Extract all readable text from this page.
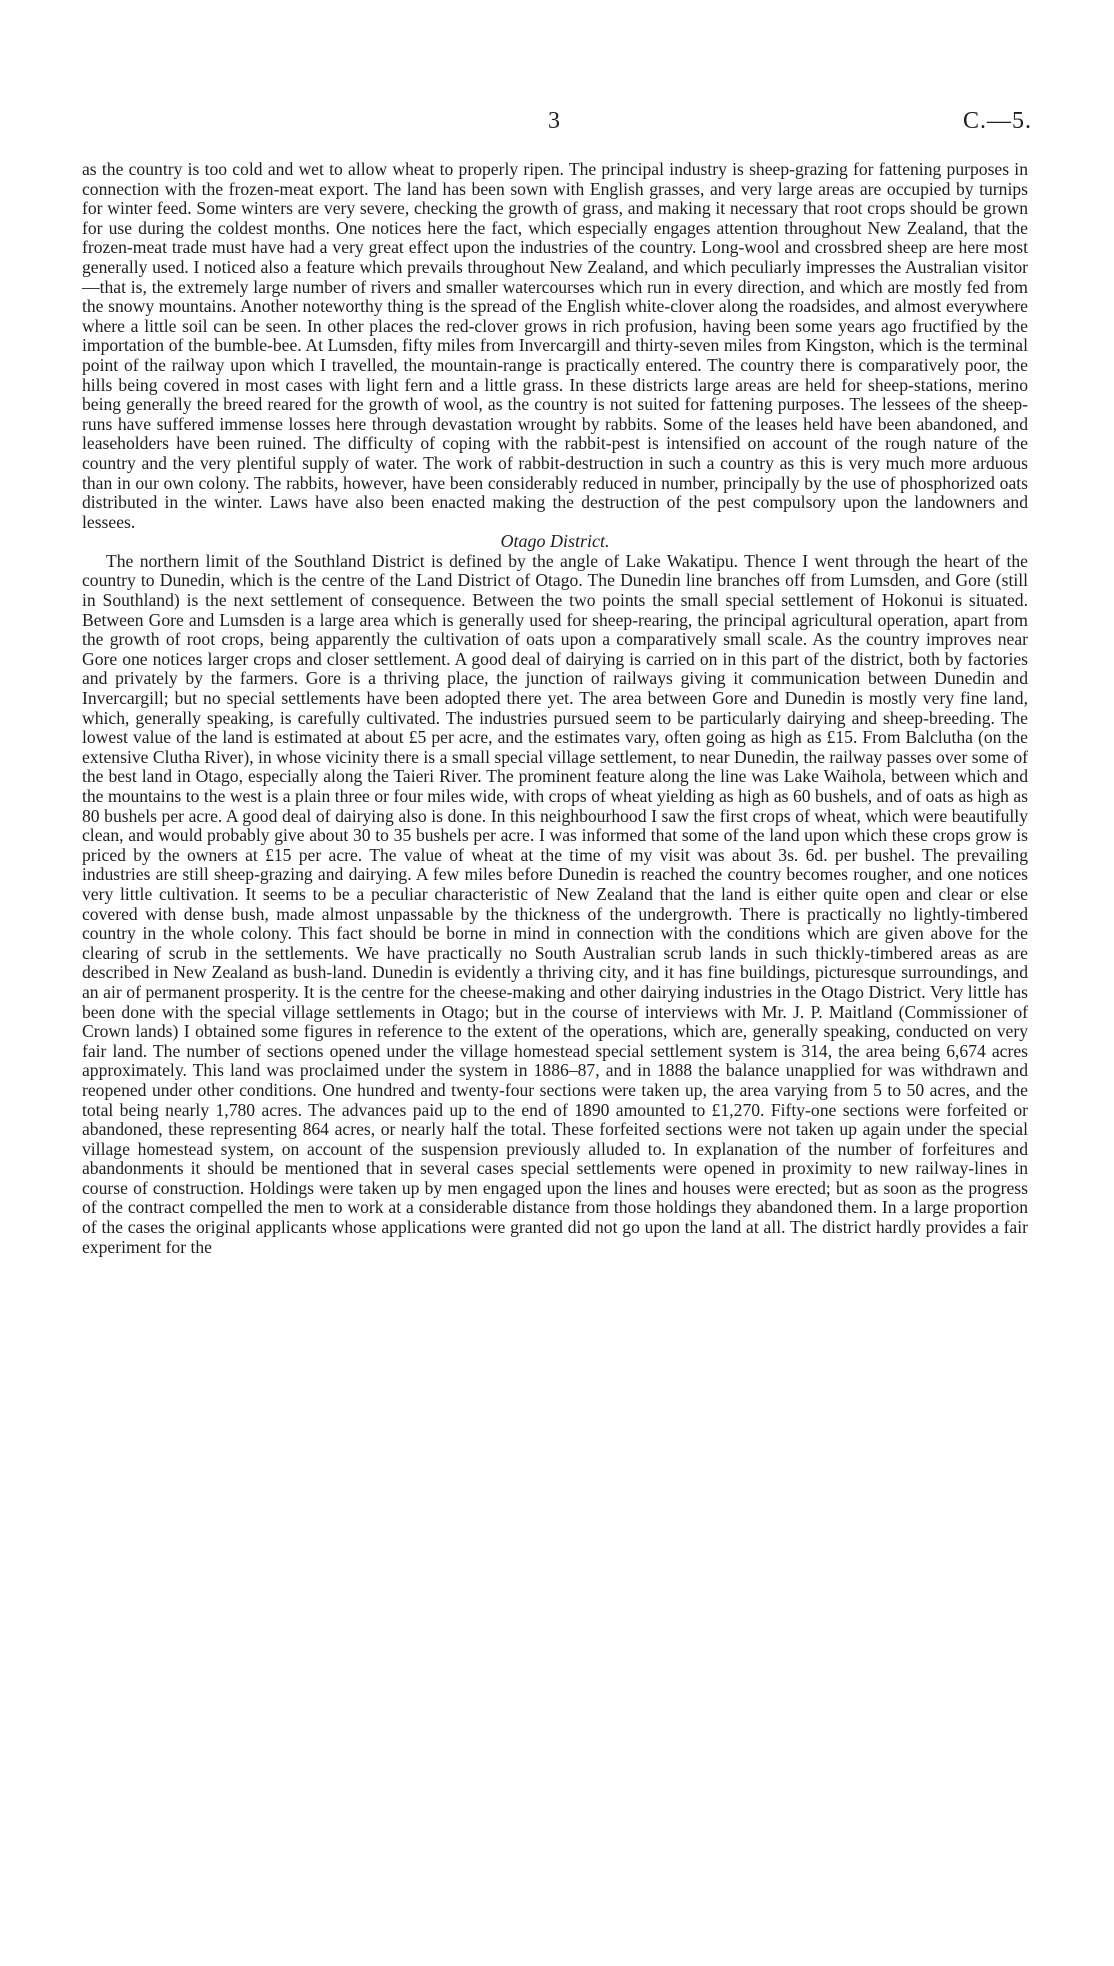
3	C.—5.

as the country is too cold and wet to allow wheat to properly ripen. The principal industry is sheep-grazing for fattening purposes in connection with the frozen-meat export. The land has been sown with English grasses, and very large areas are occupied by turnips for winter feed. Some winters are very severe, checking the growth of grass, and making it necessary that root crops should be grown for use during the coldest months. One notices here the fact, which especially engages attention throughout New Zealand, that the frozen-meat trade must have had a very great effect upon the industries of the country. Long-wool and crossbred sheep are here most generally used. I noticed also a feature which prevails throughout New Zealand, and which peculiarly impresses the Australian visitor—that is, the extremely large number of rivers and smaller watercourses which run in every direction, and which are mostly fed from the snowy mountains. Another noteworthy thing is the spread of the English white-clover along the roadsides, and almost everywhere where a little soil can be seen. In other places the red-clover grows in rich profusion, having been some years ago fructified by the importation of the bumble-bee. At Lumsden, fifty miles from Invercargill and thirty-seven miles from Kingston, which is the terminal point of the railway upon which I travelled, the mountain-range is practically entered. The country there is comparatively poor, the hills being covered in most cases with light fern and a little grass. In these districts large areas are held for sheep-stations, merino being generally the breed reared for the growth of wool, as the country is not suited for fattening purposes. The lessees of the sheep-runs have suffered immense losses here through devastation wrought by rabbits. Some of the leases held have been abandoned, and leaseholders have been ruined. The difficulty of coping with the rabbit-pest is intensified on account of the rough nature of the country and the very plentiful supply of water. The work of rabbit-destruction in such a country as this is very much more arduous than in our own colony. The rabbits, however, have been considerably reduced in number, principally by the use of phosphorized oats distributed in the winter. Laws have also been enacted making the destruction of the pest compulsory upon the landowners and lessees.

Otago District.

The northern limit of the Southland District is defined by the angle of Lake Wakatipu. Thence I went through the heart of the country to Dunedin, which is the centre of the Land District of Otago. The Dunedin line branches off from Lumsden, and Gore (still in Southland) is the next settlement of consequence. Between the two points the small special settlement of Hokonui is situated. Between Gore and Lumsden is a large area which is generally used for sheep-rearing, the principal agricultural operation, apart from the growth of root crops, being apparently the cultivation of oats upon a comparatively small scale. As the country improves near Gore one notices larger crops and closer settlement. A good deal of dairying is carried on in this part of the district, both by factories and privately by the farmers. Gore is a thriving place, the junction of railways giving it communication between Dunedin and Invercargill; but no special settlements have been adopted there yet. The area between Gore and Dunedin is mostly very fine land, which, generally speaking, is carefully cultivated. The industries pursued seem to be particularly dairying and sheep-breeding. The lowest value of the land is estimated at about £5 per acre, and the estimates vary, often going as high as £15. From Balclutha (on the extensive Clutha River), in whose vicinity there is a small special village settlement, to near Dunedin, the railway passes over some of the best land in Otago, especially along the Taieri River. The prominent feature along the line was Lake Waihola, between which and the mountains to the west is a plain three or four miles wide, with crops of wheat yielding as high as 60 bushels, and of oats as high as 80 bushels per acre. A good deal of dairying also is done. In this neighbourhood I saw the first crops of wheat, which were beautifully clean, and would probably give about 30 to 35 bushels per acre. I was informed that some of the land upon which these crops grow is priced by the owners at £15 per acre. The value of wheat at the time of my visit was about 3s. 6d. per bushel. The prevailing industries are still sheep-grazing and dairying. A few miles before Dunedin is reached the country becomes rougher, and one notices very little cultivation. It seems to be a peculiar characteristic of New Zealand that the land is either quite open and clear or else covered with dense bush, made almost unpassable by the thickness of the undergrowth. There is practically no lightly-timbered country in the whole colony. This fact should be borne in mind in connection with the conditions which are given above for the clearing of scrub in the settlements. We have practically no South Australian scrub lands in such thickly-timbered areas as are described in New Zealand as bush-land. Dunedin is evidently a thriving city, and it has fine buildings, picturesque surroundings, and an air of permanent prosperity. It is the centre for the cheese-making and other dairying industries in the Otago District. Very little has been done with the special village settlements in Otago; but in the course of interviews with Mr. J. P. Maitland (Commissioner of Crown lands) I obtained some figures in reference to the extent of the operations, which are, generally speaking, conducted on very fair land. The number of sections opened under the village homestead special settlement system is 314, the area being 6,674 acres approximately. This land was proclaimed under the system in 1886–87, and in 1888 the balance unapplied for was withdrawn and reopened under other conditions. One hundred and twenty-four sections were taken up, the area varying from 5 to 50 acres, and the total being nearly 1,780 acres. The advances paid up to the end of 1890 amounted to £1,270. Fifty-one sections were forfeited or abandoned, these representing 864 acres, or nearly half the total. These forfeited sections were not taken up again under the special village homestead system, on account of the suspension previously alluded to. In explanation of the number of forfeitures and abandonments it should be mentioned that in several cases special settlements were opened in proximity to new railway-lines in course of construction. Holdings were taken up by men engaged upon the lines and houses were erected; but as soon as the progress of the contract compelled the men to work at a considerable distance from those holdings they abandoned them. In a large proportion of the cases the original applicants whose applications were granted did not go upon the land at all. The district hardly provides a fair experiment for the
